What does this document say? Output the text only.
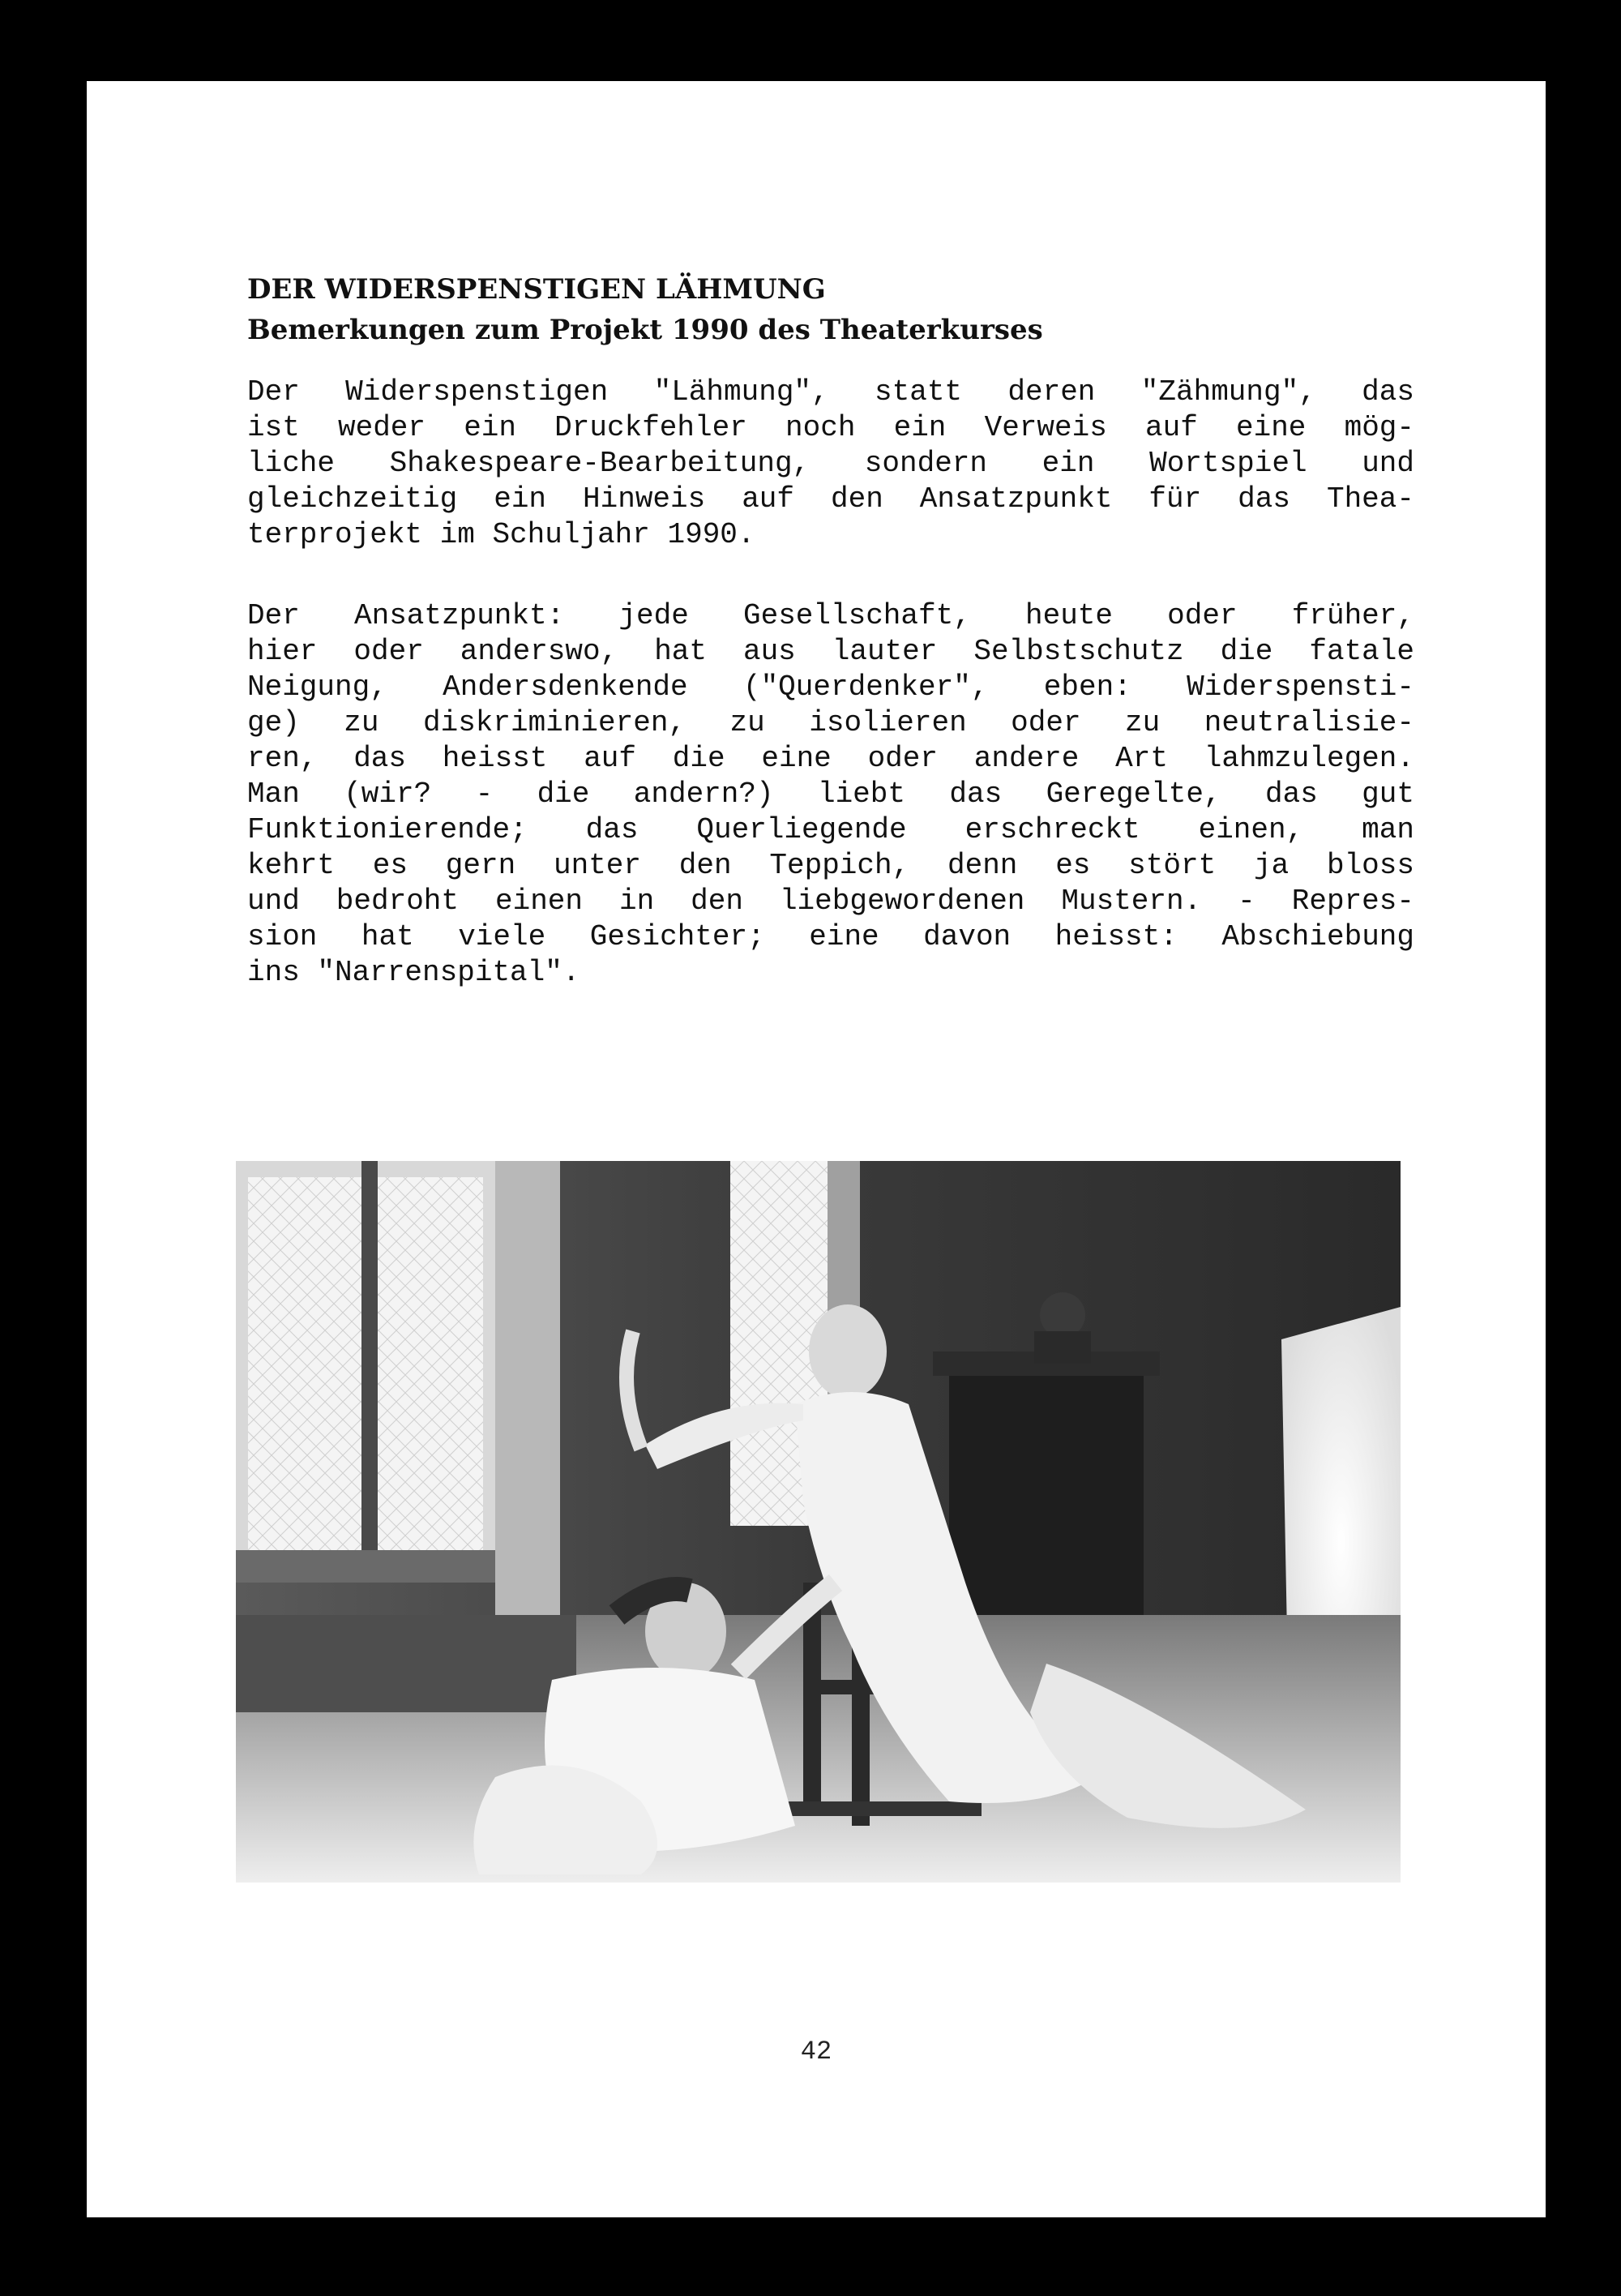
DER WIDERSPENSTIGEN LÄHMUNG
Bemerkungen zum Projekt 1990 des Theaterkurses
Der Widerspenstigen "Lähmung", statt deren "Zähmung", das
ist weder ein Druckfehler noch ein Verweis auf eine mög-
liche Shakespeare-Bearbeitung, sondern ein Wortspiel und
gleichzeitig ein Hinweis auf den Ansatzpunkt für das Thea-
terprojekt im Schuljahr 1990.
Der Ansatzpunkt: jede Gesellschaft, heute oder früher,
hier oder anderswo, hat aus lauter Selbstschutz die fatale
Neigung, Andersdenkende ("Querdenker", eben: Widerspensti-
ge) zu diskriminieren, zu isolieren oder zu neutralisie-
ren, das heisst auf die eine oder andere Art lahmzulegen.
Man (wir? - die andern?) liebt das Geregelte, das gut
Funktionierende; das Querliegende erschreckt einen, man
kehrt es gern unter den Teppich, denn es stört ja bloss
und bedroht einen in den liebgewordenen Mustern. - Repres-
sion hat viele Gesichter; eine davon heisst: Abschiebung
ins "Narrenspital".
42
